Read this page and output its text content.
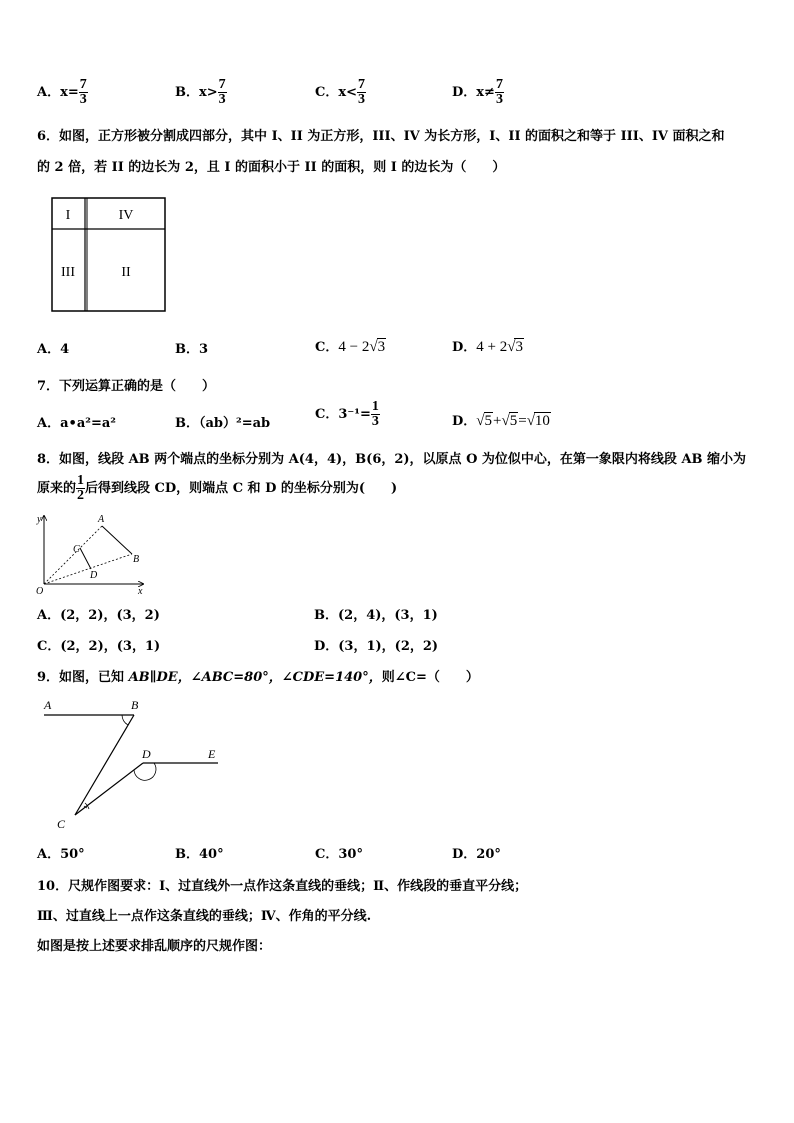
A．$x= \frac{7}{3}$	B．$x> \frac{7}{3}$	C．$x< \frac{7}{3}$	D．$x\ne \frac{7}{3}$
6．如图，正方形被分割成四部分，其中 I、II 为正方形，III、IV 为长方形，I、II 的面积之和等于 III、IV 面积之和
的 2 倍，若 II 的边长为 2，且 I 的面积小于 II 的面积，则 I 的边长为（　　）
I	IV
III	II
A．4	B．3	C．4 − 2√3	D．4 + 2√3
7．下列运算正确的是（　　）
A．a•a²=a²	B．（ab）²=ab
C．$3^{-1}= \frac{1}{3}$	D．√5+√5=√10
8．如图，线段 AB 两个端点的坐标分别为 A(4，4)，B(6，2)，以原点 O 为位似中心，在第一象限内将线段 AB 缩小为
原来的 $\frac{1}{2}$ 后得到线段 CD，则端点 C 和 D 的坐标分别为(　　)
y
x
O
A
B
C
D
A．(2，2)，(3，2)	B．(2，4)，(3，1)
C．(2，2)，(3，1)	D．(3，1)，(2，2)
9．如图，已知 AB∥DE，∠ABC=80°，∠CDE=140°，则∠C=（　　）
A	B
C
D	E
A．50°	B．40°	C．30°	D．20°
10．尺规作图要求：Ⅰ、过直线外一点作这条直线的垂线；Ⅱ、作线段的垂直平分线；
Ⅲ、过直线上一点作这条直线的垂线；Ⅳ、作角的平分线.
如图是按上述要求排乱顺序的尺规作图：
